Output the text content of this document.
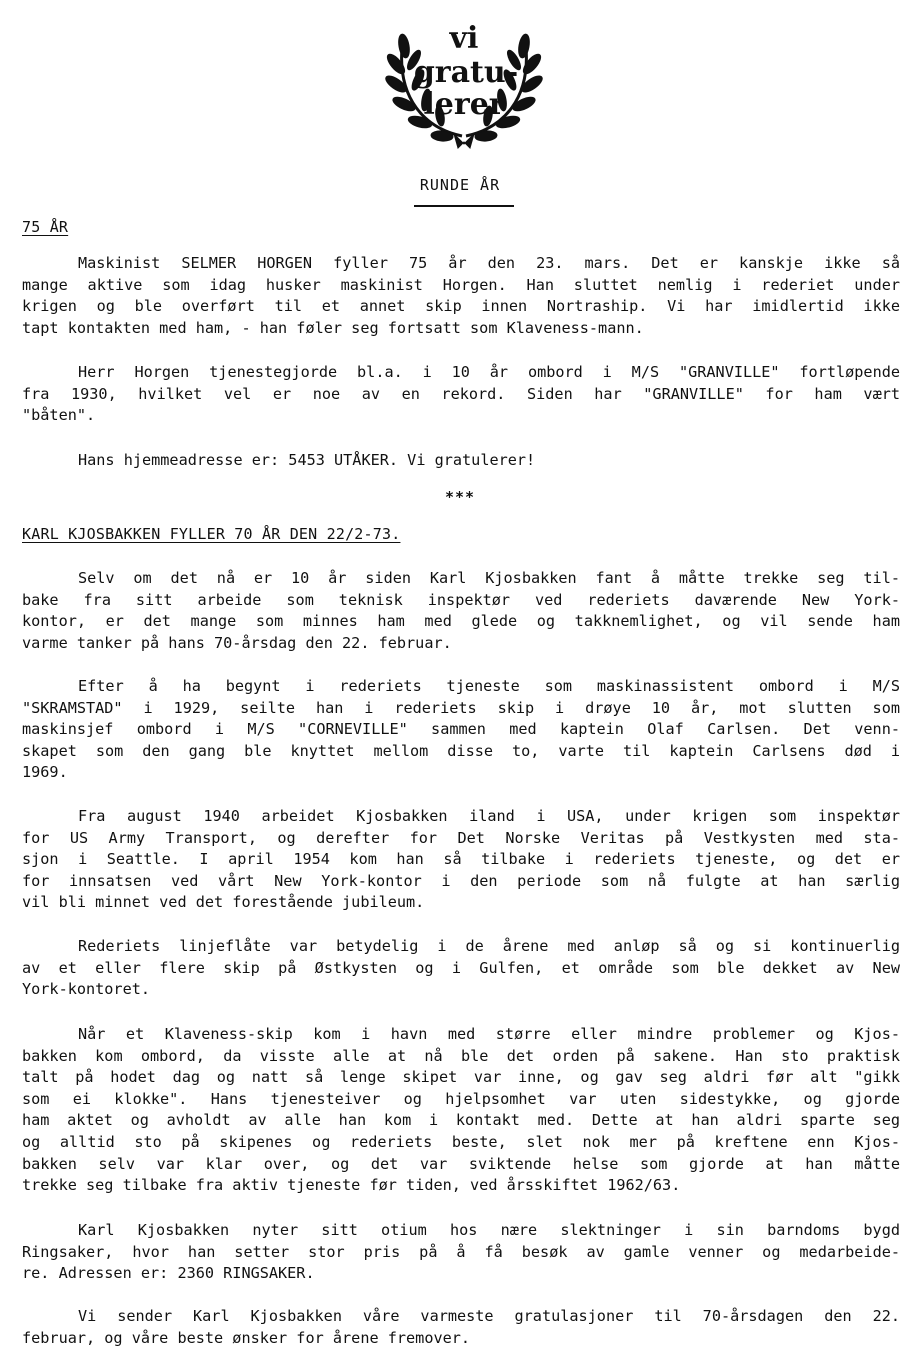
vi
gratu-
lerer
RUNDE ÅR
75 ÅR
Maskinist SELMER HORGEN fyller 75 år den 23. mars. Det er kanskje ikke så
mange aktive som idag husker maskinist Horgen. Han sluttet nemlig i rederiet under
krigen og ble overført til et annet skip innen Nortraship. Vi har imidlertid ikke
tapt kontakten med ham, - han føler seg fortsatt som Klaveness-mann.
Herr Horgen tjenestegjorde bl.a. i 10 år ombord i M/S "GRANVILLE" fortløpende
fra 1930, hvilket vel er noe av en rekord. Siden har "GRANVILLE" for ham vært
"båten".
Hans hjemmeadresse er: 5453 UTÅKER. Vi gratulerer!
***
KARL KJOSBAKKEN FYLLER 70 ÅR DEN 22/2-73.
Selv om det nå er 10 år siden Karl Kjosbakken fant å måtte trekke seg til-
bake fra sitt arbeide som teknisk inspektør ved rederiets daværende New York-
kontor, er det mange som minnes ham med glede og takknemlighet, og vil sende ham
varme tanker på hans 70-årsdag den 22. februar.
Efter å ha begynt i rederiets tjeneste som maskinassistent ombord i M/S
"SKRAMSTAD" i 1929, seilte han i rederiets skip i drøye 10 år, mot slutten som
maskinsjef ombord i M/S "CORNEVILLE" sammen med kaptein Olaf Carlsen. Det venn-
skapet som den gang ble knyttet mellom disse to, varte til kaptein Carlsens død i
1969.
Fra august 1940 arbeidet Kjosbakken iland i USA, under krigen som inspektør
for US Army Transport, og derefter for Det Norske Veritas på Vestkysten med sta-
sjon i Seattle. I april 1954 kom han så tilbake i rederiets tjeneste, og det er
for innsatsen ved vårt New York-kontor i den periode som nå fulgte at han særlig
vil bli minnet ved det forestående jubileum.
Rederiets linjeflåte var betydelig i de årene med anløp så og si kontinuerlig
av et eller flere skip på Østkysten og i Gulfen, et område som ble dekket av New
York-kontoret.
Når et Klaveness-skip kom i havn med større eller mindre problemer og Kjos-
bakken kom ombord, da visste alle at nå ble det orden på sakene. Han sto praktisk
talt på hodet dag og natt så lenge skipet var inne, og gav seg aldri før alt "gikk
som ei klokke". Hans tjenesteiver og hjelpsomhet var uten sidestykke, og gjorde
ham aktet og avholdt av alle han kom i kontakt med. Dette at han aldri sparte seg
og alltid sto på skipenes og rederiets beste, slet nok mer på kreftene enn Kjos-
bakken selv var klar over, og det var sviktende helse som gjorde at han måtte
trekke seg tilbake fra aktiv tjeneste før tiden, ved årsskiftet 1962/63.
Karl Kjosbakken nyter sitt otium hos nære slektninger i sin barndoms bygd
Ringsaker, hvor han setter stor pris på å få besøk av gamle venner og medarbeide-
re. Adressen er: 2360 RINGSAKER.
Vi sender Karl Kjosbakken våre varmeste gratulasjoner til 70-årsdagen den 22.
februar, og våre beste ønsker for årene fremover.
